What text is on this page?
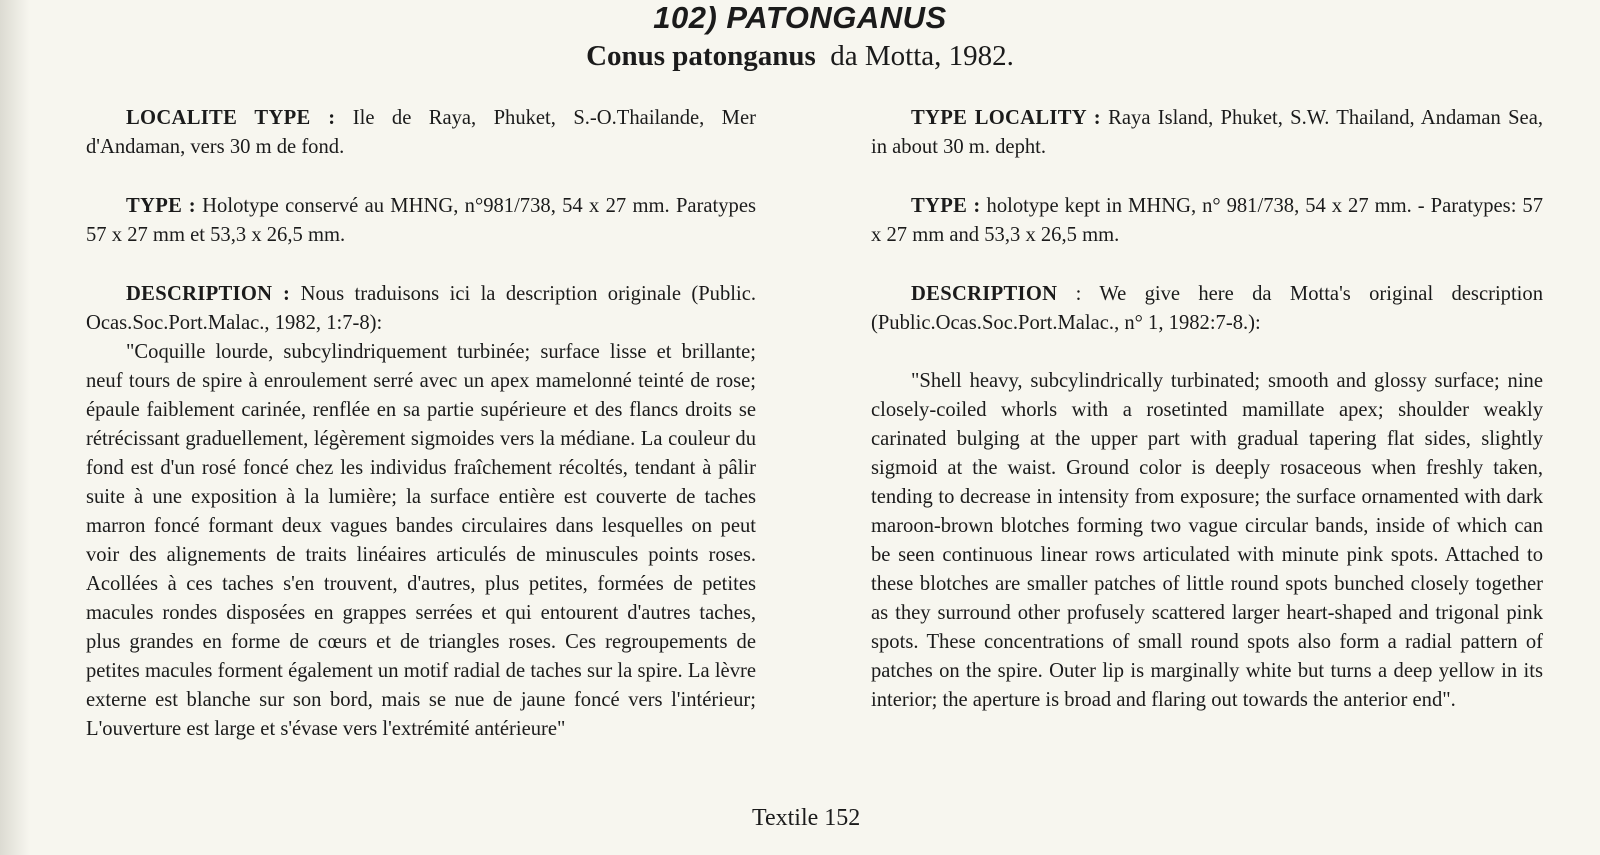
102) PATONGANUS
Conus patonganus da Motta, 1982.

LOCALITE TYPE : Ile de Raya, Phuket, S.-O.Thailande, Mer d'Andaman, vers 30 m de fond.

TYPE : Holotype conservé au MHNG, n°981/738, 54 x 27 mm. Paratypes 57 x 27 mm et 53,3 x 26,5 mm.

DESCRIPTION : Nous traduisons ici la description originale (Public. Ocas.Soc.Port.Malac., 1982, 1:7-8):

"Coquille lourde, subcylindriquement turbinée; surface lisse et brillante; neuf tours de spire à enroulement serré avec un apex mamelonné teinté de rose; épaule faiblement carinée, renflée en sa partie supérieure et des flancs droits se rétrécissant graduellement, légèrement sigmoides vers la médiane. La couleur du fond est d'un rosé foncé chez les individus fraîchement récoltés, tendant à pâlir suite à une exposition à la lumière; la surface entière est couverte de taches marron foncé formant deux vagues bandes circulaires dans lesquelles on peut voir des alignements de traits linéaires articulés de minuscules points roses. Acollées à ces taches s'en trouvent, d'autres, plus petites, formées de petites macules rondes disposées en grappes serrées et qui entourent d'autres taches, plus grandes en forme de cœurs et de triangles roses. Ces regroupements de petites macules forment également un motif radial de taches sur la spire. La lèvre externe est blanche sur son bord, mais se nue de jaune foncé vers l'intérieur; L'ouverture est large et s'évase vers l'extrémité antérieure"

TYPE LOCALITY : Raya Island, Phuket, S.W. Thailand, Andaman Sea, in about 30 m. depht.

TYPE : holotype kept in MHNG, n° 981/738, 54 x 27 mm. - Paratypes: 57 x 27 mm and 53,3 x 26,5 mm.

DESCRIPTION : We give here da Motta's original description (Public.Ocas.Soc.Port.Malac., n° 1, 1982:7-8.):

"Shell heavy, subcylindrically turbinated; smooth and glossy surface; nine closely-coiled whorls with a rosetinted mamillate apex; shoulder weakly carinated bulging at the upper part with gradual tapering flat sides, slightly sigmoid at the waist. Ground color is deeply rosaceous when freshly taken, tending to decrease in intensity from exposure; the surface ornamented with dark maroon-brown blotches forming two vague circular bands, inside of which can be seen continuous linear rows articulated with minute pink spots. Attached to these blotches are smaller patches of little round spots bunched closely together as they surround other profusely scattered larger heart-shaped and trigonal pink spots. These concentrations of small round spots also form a radial pattern of patches on the spire. Outer lip is marginally white but turns a deep yellow in its interior; the aperture is broad and flaring out towards the anterior end".

Textile 152
